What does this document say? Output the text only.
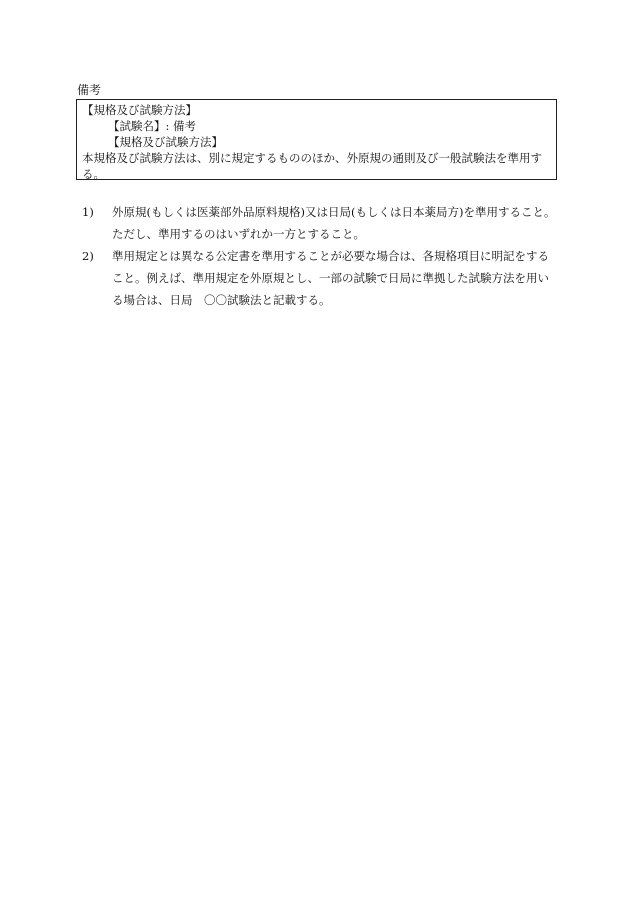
備考
【規格及び試験方法】
【試験名】: 備考
【規格及び試験方法】
本規格及び試験方法は、別に規定するもののほか、外原規の通則及び一般試験法を準用する。
1)	外原規(もしくは医薬部外品原料規格)又は日局(もしくは日本薬局方)を準用すること。ただし、準用するのはいずれか一方とすること。
2)	準用規定とは異なる公定書を準用することが必要な場合は、各規格項目に明記をすること。例えば、準用規定を外原規とし、一部の試験で日局に準拠した試験方法を用いる場合は、日局　〇〇試験法と記載する。
